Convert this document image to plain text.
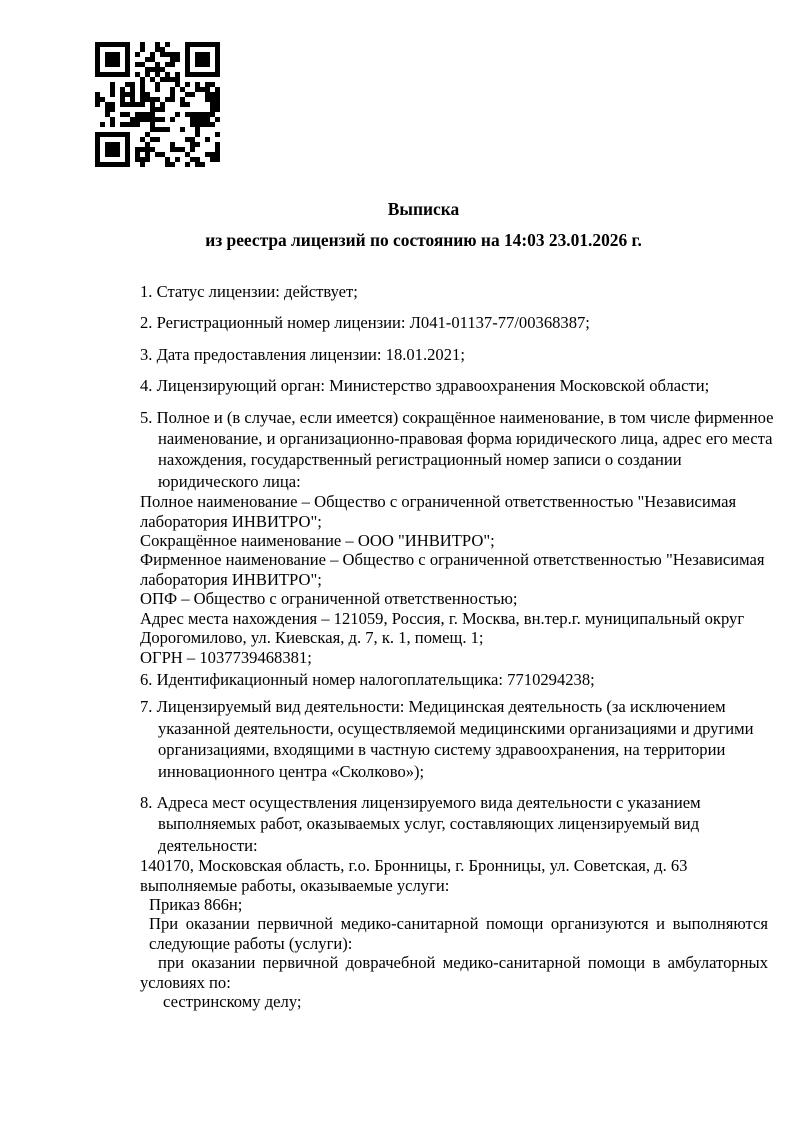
Выписка
из реестра лицензий по состоянию на 14:03 23.01.2026 г.
1. Статус лицензии: действует;
2. Регистрационный номер лицензии: Л041-01137-77/00368387;
3. Дата предоставления лицензии: 18.01.2021;
4. Лицензирующий орган: Министерство здравоохранения Московской области;
5. Полное и (в случае, если имеется) сокращённое наименование, в том числе фирменное
наименование, и организационно-правовая форма юридического лица, адрес его места
нахождения, государственный регистрационный номер записи о создании
юридического лица:
Полное наименование – Общество с ограниченной ответственностью "Независимая
лаборатория ИНВИТРО";
Сокращённое наименование – ООО "ИНВИТРО";
Фирменное наименование – Общество с ограниченной ответственностью "Независимая
лаборатория ИНВИТРО";
ОПФ – Общество с ограниченной ответственностью;
Адрес места нахождения – 121059, Россия, г. Москва, вн.тер.г. муниципальный округ
Дорогомилово, ул. Киевская, д. 7, к. 1, помещ. 1;
ОГРН – 1037739468381;
6. Идентификационный номер налогоплательщика: 7710294238;
7. Лицензируемый вид деятельности: Медицинская деятельность (за исключением
указанной деятельности, осуществляемой медицинскими организациями и другими
организациями, входящими в частную систему здравоохранения, на территории
инновационного центра «Сколково»);
8. Адреса мест осуществления лицензируемого вида деятельности с указанием
выполняемых работ, оказываемых услуг, составляющих лицензируемый вид
деятельности:
140170, Московская область, г.о. Бронницы, г. Бронницы, ул. Советская, д. 63
выполняемые работы, оказываемые услуги:
Приказ 866н;
При оказании первичной медико-санитарной помощи организуются и выполняются
следующие работы (услуги):
при оказании первичной доврачебной медико-санитарной помощи в амбулаторных
условиях по:
сестринскому делу;
